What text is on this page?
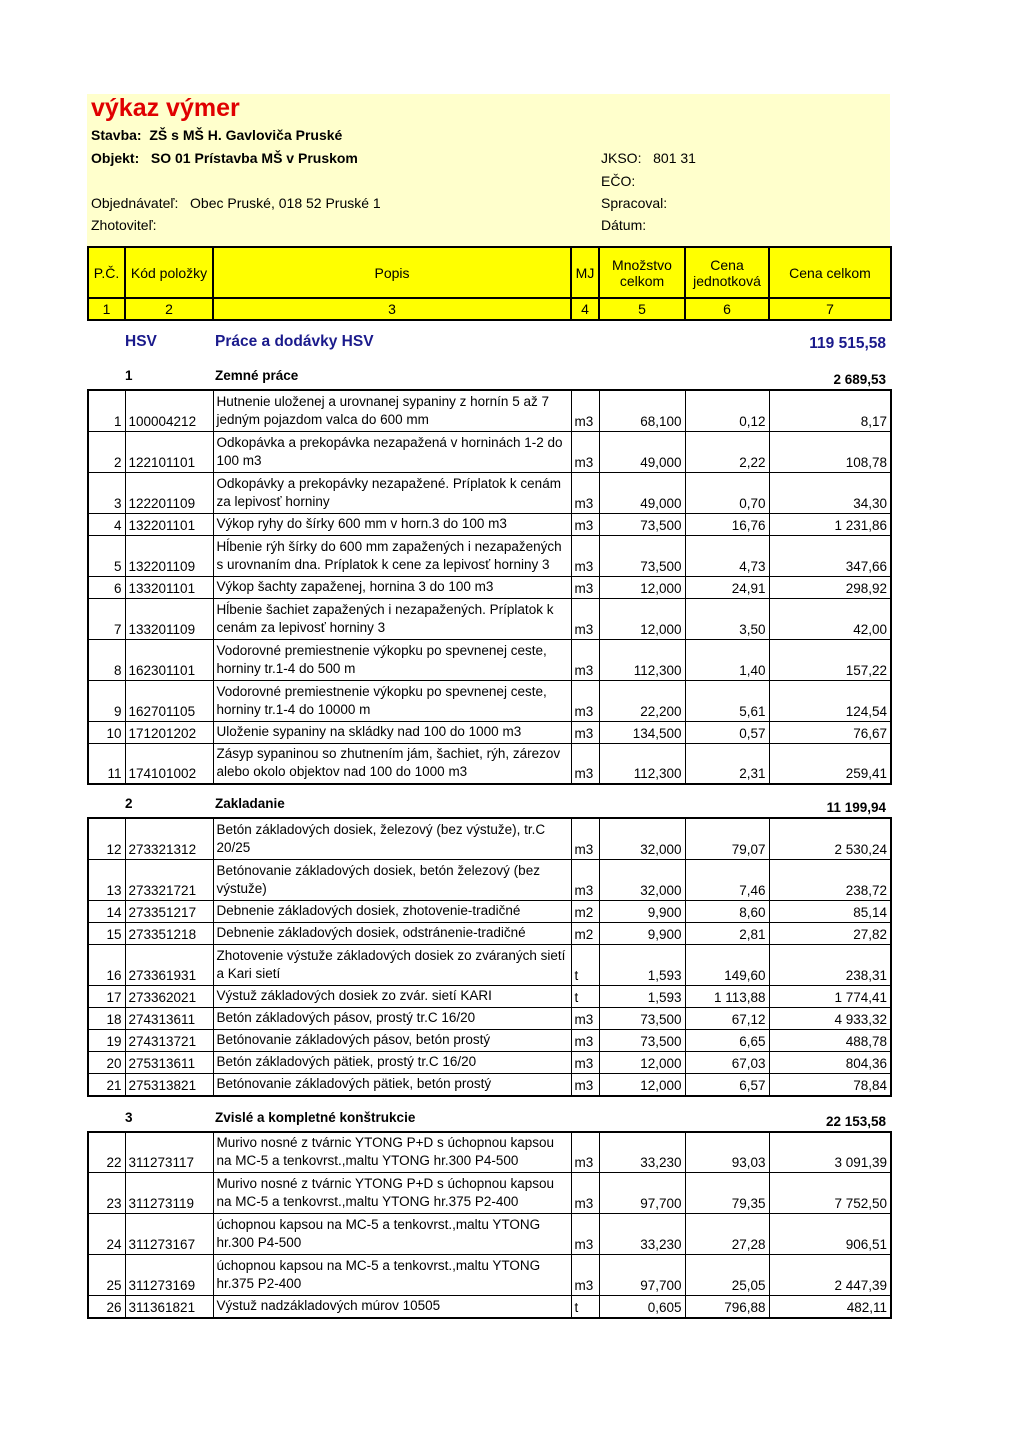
výkaz výmer
Stavba: ZŠ s MŠ H. Gavloviča Pruské
Objekt: SO 01 Prístavba MŠ v Pruskom	JKSO: 801 31
EČO:
Objednávateľ: Obec Pruské, 018 52 Pruské 1	Spracoval:
Zhotoviteľ:	Dátum:
P.Č.	Kód položky	Popis	MJ	Množstvo celkom	Cena jednotková	Cena celkom
1	2	3	4	5	6	7
HSV	Práce a dodávky HSV	119 515,58
1	Zemné práce	2 689,53
1	100004212	Hutnenie uloženej a urovnanej sypaniny z hornín 5 až 7 jedným pojazdom valca do 600 mm	m3	68,100	0,12	8,17
2	122101101	Odkopávka a prekopávka nezapažená v horninách 1-2 do 100 m3	m3	49,000	2,22	108,78
3	122201109	Odkopávky a prekopávky nezapažené. Príplatok k cenám za lepivosť horniny	m3	49,000	0,70	34,30
4	132201101	Výkop ryhy do šírky 600 mm v horn.3 do 100 m3	m3	73,500	16,76	1 231,86
5	132201109	Hĺbenie rýh šírky do 600 mm zapažených i nezapažených s urovnaním dna. Príplatok k cene za lepivosť horniny 3	m3	73,500	4,73	347,66
6	133201101	Výkop šachty zapaženej, hornina 3 do 100 m3	m3	12,000	24,91	298,92
7	133201109	Hĺbenie šachiet zapažených i nezapažených. Príplatok k cenám za lepivosť horniny 3	m3	12,000	3,50	42,00
8	162301101	Vodorovné premiestnenie výkopku po spevnenej ceste, horniny tr.1-4 do 500 m	m3	112,300	1,40	157,22
9	162701105	Vodorovné premiestnenie výkopku po spevnenej ceste, horniny tr.1-4 do 10000 m	m3	22,200	5,61	124,54
10	171201202	Uloženie sypaniny na skládky nad 100 do 1000 m3	m3	134,500	0,57	76,67
11	174101002	Zásyp sypaninou so zhutnením jám, šachiet, rýh, zárezov alebo okolo objektov nad 100 do 1000 m3	m3	112,300	2,31	259,41
2	Zakladanie	11 199,94
12	273321312	Betón základových dosiek, železový (bez výstuže), tr.C 20/25	m3	32,000	79,07	2 530,24
13	273321721	Betónovanie základových dosiek, betón železový (bez výstuže)	m3	32,000	7,46	238,72
14	273351217	Debnenie základových dosiek, zhotovenie-tradičné	m2	9,900	8,60	85,14
15	273351218	Debnenie základových dosiek, odstránenie-tradičné	m2	9,900	2,81	27,82
16	273361931	Zhotovenie výstuže základových dosiek zo zváraných sietí a Kari sietí	t	1,593	149,60	238,31
17	273362021	Výstuž základových dosiek zo zvár. sietí KARI	t	1,593	1 113,88	1 774,41
18	274313611	Betón základových pásov, prostý tr.C 16/20	m3	73,500	67,12	4 933,32
19	274313721	Betónovanie základových pásov, betón prostý	m3	73,500	6,65	488,78
20	275313611	Betón základových pätiek, prostý tr.C 16/20	m3	12,000	67,03	804,36
21	275313821	Betónovanie základových pätiek, betón prostý	m3	12,000	6,57	78,84
3	Zvislé a kompletné konštrukcie	22 153,58
22	311273117	Murivo nosné z tvárnic YTONG P+D s úchopnou kapsou na MC-5 a tenkovrst.,maltu YTONG hr.300 P4-500	m3	33,230	93,03	3 091,39
23	311273119	Murivo nosné z tvárnic YTONG P+D s úchopnou kapsou na MC-5 a tenkovrst.,maltu YTONG hr.375 P2-400	m3	97,700	79,35	7 752,50
24	311273167	úchopnou kapsou na MC-5 a tenkovrst.,maltu YTONG hr.300 P4-500	m3	33,230	27,28	906,51
25	311273169	úchopnou kapsou na MC-5 a tenkovrst.,maltu YTONG hr.375 P2-400	m3	97,700	25,05	2 447,39
26	311361821	Výstuž nadzákladových múrov 10505	t	0,605	796,88	482,11
